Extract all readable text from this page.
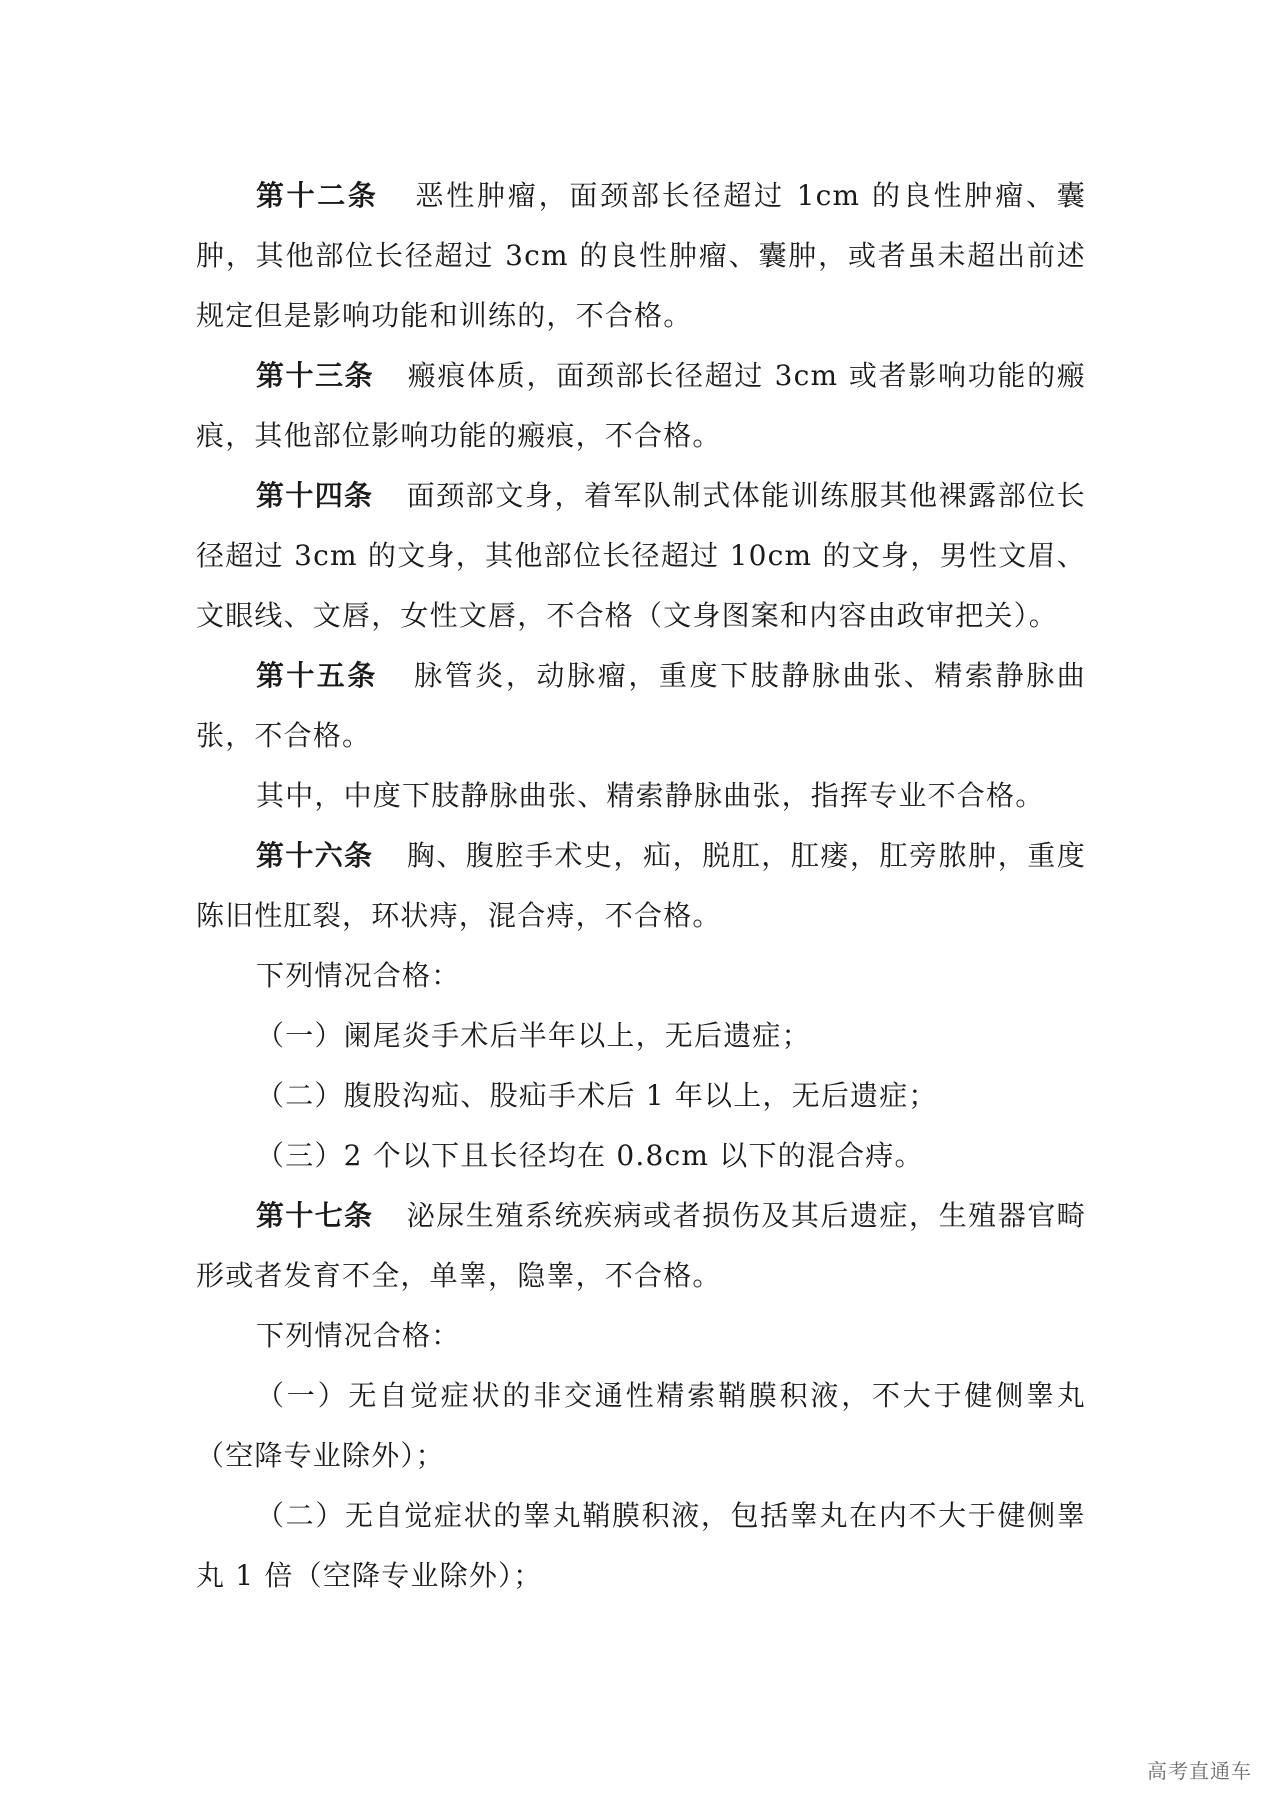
第十二条 恶性肿瘤，面颈部长径超过 1cm 的良性肿瘤、囊肿，其他部位长径超过 3cm 的良性肿瘤、囊肿，或者虽未超出前述规定但是影响功能和训练的，不合格。

第十三条 瘢痕体质，面颈部长径超过 3cm 或者影响功能的瘢痕，其他部位影响功能的瘢痕，不合格。

第十四条 面颈部文身，着军队制式体能训练服其他裸露部位长径超过 3cm 的文身，其他部位长径超过 10cm 的文身，男性文眉、文眼线、文唇，女性文唇，不合格（文身图案和内容由政审把关）。

第十五条 脉管炎，动脉瘤，重度下肢静脉曲张、精索静脉曲张，不合格。

其中，中度下肢静脉曲张、精索静脉曲张，指挥专业不合格。

第十六条 胸、腹腔手术史，疝，脱肛，肛瘘，肛旁脓肿，重度陈旧性肛裂，环状痔，混合痔，不合格。

下列情况合格：

（一）阑尾炎手术后半年以上，无后遗症；

（二）腹股沟疝、股疝手术后 1 年以上，无后遗症；

（三）2 个以下且长径均在 0.8cm 以下的混合痔。

第十七条 泌尿生殖系统疾病或者损伤及其后遗症，生殖器官畸形或者发育不全，单睾，隐睾，不合格。

下列情况合格：

（一）无自觉症状的非交通性精索鞘膜积液，不大于健侧睾丸（空降专业除外）；

（二）无自觉症状的睾丸鞘膜积液，包括睾丸在内不大于健侧睾丸 1 倍（空降专业除外）；

高考直通车
